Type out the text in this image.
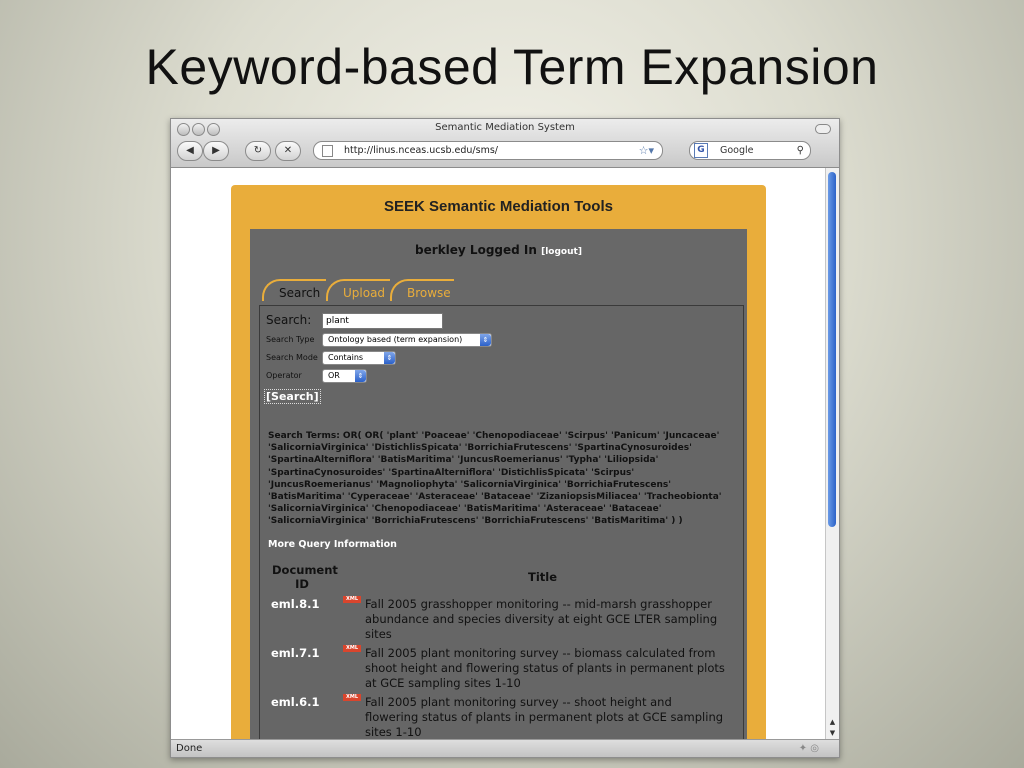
Keyword-based Term Expansion
Semantic Mediation System
◀	▶	↻	✕	http://linus.nceas.ucsb.edu/sms/	☆▾	G	Google	⚲
SEEK Semantic Mediation Tools
berkley Logged In [logout]
Search	Upload	Browse
Search:	plant
Search Type	Ontology based (term expansion)	⇕
Search Mode	Contains	⇕
Operator	OR	⇕
[Search]
Search Terms: OR( OR( 'plant' 'Poaceae' 'Chenopodiaceae' 'Scirpus' 'Panicum' 'Juncaceae' 'SalicorniaVirginica' 'DistichlisSpicata' 'BorrichiaFrutescens' 'SpartinaCynosuroides' 'SpartinaAlterniflora' 'BatisMaritima' 'JuncusRoemerianus' 'Typha' 'Liliopsida' 'SpartinaCynosuroides' 'SpartinaAlterniflora' 'DistichlisSpicata' 'Scirpus' 'JuncusRoemerianus' 'Magnoliophyta' 'SalicorniaVirginica' 'BorrichiaFrutescens' 'BatisMaritima' 'Cyperaceae' 'Asteraceae' 'Bataceae' 'ZizaniopsisMiliacea' 'Tracheobionta' 'SalicorniaVirginica' 'Chenopodiaceae' 'BatisMaritima' 'Asteraceae' 'Bataceae' 'SalicorniaVirginica' 'BorrichiaFrutescens' 'BorrichiaFrutescens' 'BatisMaritima' ) )
More Query Information
Document ID	Title
eml.8.1	XML Fall 2005 grasshopper monitoring -- mid-marsh grasshopper abundance and species diversity at eight GCE LTER sampling sites
eml.7.1	XML Fall 2005 plant monitoring survey -- biomass calculated from shoot height and flowering status of plants in permanent plots at GCE sampling sites 1-10
eml.6.1	XML Fall 2005 plant monitoring survey -- shoot height and flowering status of plants in permanent plots at GCE sampling sites 1-10
▲
▼
Done	✦ ◎
